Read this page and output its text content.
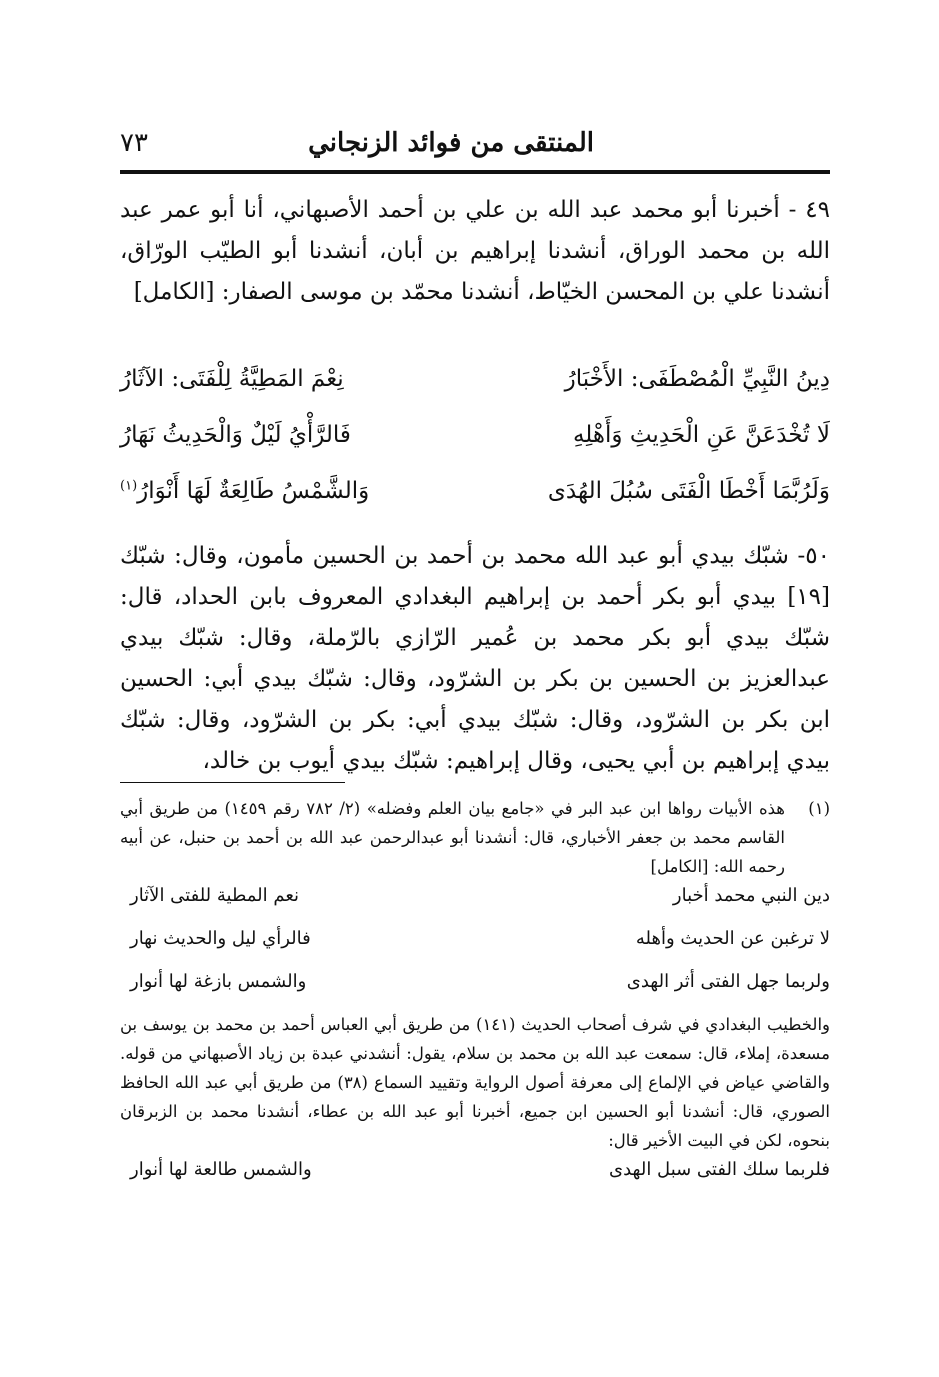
المنتقى من فوائد الزنجاني
٧٣
٤٩ - أخبرنا أبو محمد عبد الله بن علي بن أحمد الأصبهاني، أنا أبو عمر عبد الله بن محمد الوراق، أنشدنا إبراهيم بن أبان، أنشدنا أبو الطيّب الورّاق، أنشدنا علي بن المحسن الخيّاط، أنشدنا محمّد بن موسى الصفار: [الكامل]
دِينُ النَّبِيِّ الْمُصْطَفَى: الأَخْبَارُ
نِعْمَ المَطِيَّةُ لِلْفَتَى: الآثَارُ
لَا تُخْدَعَنَّ عَنِ الْحَدِيثِ وَأَهْلِهِ
فَالرَّأْيُ لَيْلٌ وَالْحَدِيثُ نَهَارُ
وَلَرُبَّمَا أَخْطَا الْفَتَى سُبُلَ الهُدَى
وَالشَّمْسُ طَالِعَةٌ لَهَا أَنْوَارُ$^{(١)}$
٥٠- شبّك بيدي أبو عبد الله محمد بن أحمد بن الحسين مأمون، وقال: شبّك [١٩] بيدي أبو بكر أحمد بن إبراهيم البغدادي المعروف بابن الحداد، قال: شبّك بيدي أبو بكر محمد بن عُمير الرّازي بالرّملة، وقال: شبّك بيدي عبدالعزيز بن الحسين بن بكر بن الشرّود، وقال: شبّك بيدي أبي: الحسين ابن بكر بن الشرّود، وقال: شبّك بيدي أبي: بكر بن الشرّود، وقال: شبّك بيدي إبراهيم بن أبي يحيى، وقال إبراهيم: شبّك بيدي أيوب بن خالد،
(١)
هذه الأبيات رواها ابن عبد البر في «جامع بيان العلم وفضله» (٢/ ٧٨٢ رقم ١٤٥٩) من طريق أبي القاسم محمد بن جعفر الأخباري، قال: أنشدنا أبو عبدالرحمن عبد الله بن أحمد بن حنبل، عن أبيه رحمه الله: [الكامل]
دين النبي محمد أخبار
نعم المطية للفتى الآثار
لا ترغبن عن الحديث وأهله
فالرأي ليل والحديث نهار
ولربما جهل الفتى أثر الهدى
والشمس بازغة لها أنوار
والخطيب البغدادي في شرف أصحاب الحديث (١٤١) من طريق أبي العباس أحمد بن محمد بن يوسف بن مسعدة، إملاء، قال: سمعت عبد الله بن محمد بن سلام، يقول: أنشدني عبدة بن زياد الأصبهاني من قوله. والقاضي عياض في الإلماع إلى معرفة أصول الرواية وتقييد السماع (٣٨) من طريق أبي عبد الله الحافظ الصوري، قال: أنشدنا أبو الحسين ابن جميع، أخبرنا أبو عبد الله بن عطاء، أنشدنا محمد بن الزبرقان بنحوه، لكن في البيت الأخير قال:
فلربما سلك الفتى سبل الهدى
والشمس طالعة لها أنوار
